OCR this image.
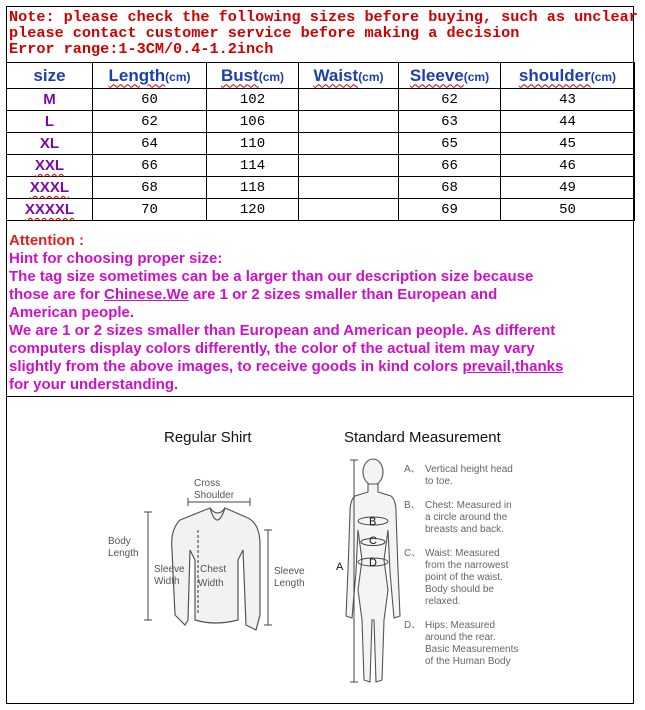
Note: please check the following sizes before buying, such as unclear
please contact customer service before making a decision
Error range:1-3CM/0.4-1.2inch
size	Length(cm)	Bust(cm)	Waist(cm)	Sleeve(cm)	shoulder(cm)
M	60	102		62	43
L	62	106		63	44
XL	64	110		65	45
XXL	66	114		66	46
XXXL	68	118		68	49
XXXXL	70	120		69	50
Attention :
Hint for choosing proper size:
The tag size sometimes can be a larger than our description size because
those are for Chinese.We are 1 or 2 sizes smaller than European and
American people.
We are 1 or 2 sizes smaller than European and American people. As different
computers display colors differently, the color of the actual item may vary
slightly from the above images, to receive goods in kind colors prevail,thanks
for your understanding.
Regular Shirt	Standard Measurement
Cross
Shoulder
Body
Length
Sleeve
Width
Chest
Width
Sleeve
Length
A
B
C
D
A、 Vertical height head
to toe.
B、 Chest: Measured in
a circle around the
breasts and back.
C、 Waist: Measured
from the narrowest
point of the waist.
Body should be
relaxed.
D、 Hips: Measured
around the rear.
Basic Measurements
of the Human Body
